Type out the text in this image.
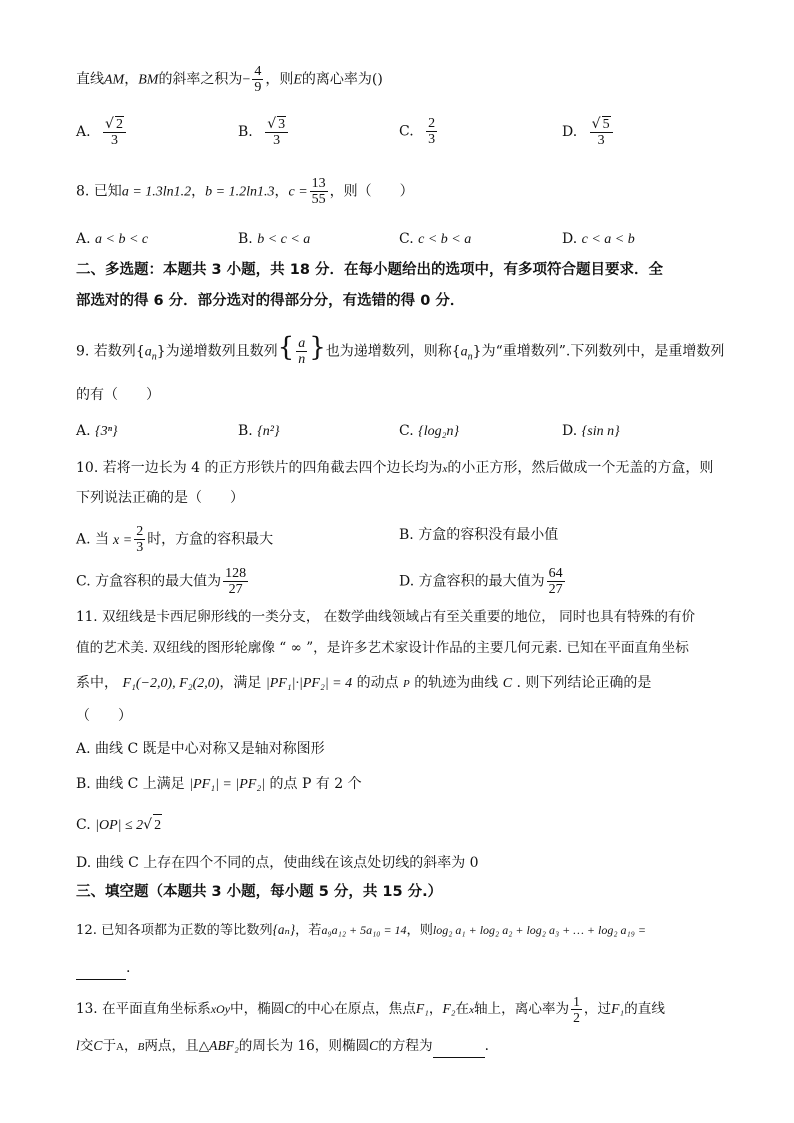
直线AM，BM的斜率之积为− $\frac{4}{9}$ ，则E的离心率为()
A. $\frac{√ 2}{3}$	B. $\frac{√ 3}{3}$	C. $\frac{2}{3}$	D. $\frac{√ 5}{3}$
8. 已知a = 1.3ln1.2，b = 1.2ln1.3，$c = \frac{13}{55}$ ，则（　　）
A. a < b < c	B. b < c < a	C. c < b < a	D. c < a < b
二、多选题：本题共 3 小题，共 18 分．在每小题给出的选项中，有多项符合题目要求．全
部选对的得 6 分．部分选对的得部分分，有选错的得 0 分．
9. 若数列$\{a_n\}$为递增数列且数列{ $\frac{a}{n}$ }也为递增数列，则称$\{a_n\}$为“重增数列”.下列数列中，是重增数列
的有（　　）
A. {3ⁿ}	B. {n²}	C. {log₂n}	D. {sin n}
10. 若将一边长为 4 的正方形铁片的四角截去四个边长均为x的小正方形，然后做成一个无盖的方盒，则
下列说法正确的是（　　）
A. 当 $x = \frac{2}{3}$ 时，方盒的容积最大	B. 方盒的容积没有最小值
C. 方盒容积的最大值为 $\frac{128}{27}$	D. 方盒容积的最大值为 $\frac{64}{27}$
11. 双纽线是卡西尼卵形线的一类分支， 在数学曲线领域占有至关重要的地位， 同时也具有特殊的有价
值的艺术美. 双纽线的图形轮廓像 “ ∞ ”，是许多艺术家设计作品的主要几何元素. 已知在平面直角坐标
系中， F₁(−2,0), F₂(2,0)，满足 |PF₁|·|PF₂| = 4 的动点 P 的轨迹为曲线 C . 则下列结论正确的是
（　　）
A. 曲线 C 既是中心对称又是轴对称图形
B. 曲线 C 上满足 |PF₁| = |PF₂| 的点 P 有 2 个
C. |OP| ≤ 2√ 2
D. 曲线 C 上存在四个不同的点，使曲线在该点处切线的斜率为 0
三、填空题（本题共 3 小题，每小题 5 分，共 15 分.）
12. 已知各项都为正数的等比数列{aₙ}，若a₉a₁₂ + 5a₁₀ = 14，则log₂ a₁ + log₂ a₂ + log₂ a₃ + … + log₂ a₁₉ =
.
13. 在平面直角坐标系xOy中，椭圆C的中心在原点，焦点F₁，F₂在x轴上，离心率为 $\frac{1}{2}$ ，过F₁的直线
l交C于A，B两点，且△ABF₂的周长为 16，则椭圆C的方程为	.
